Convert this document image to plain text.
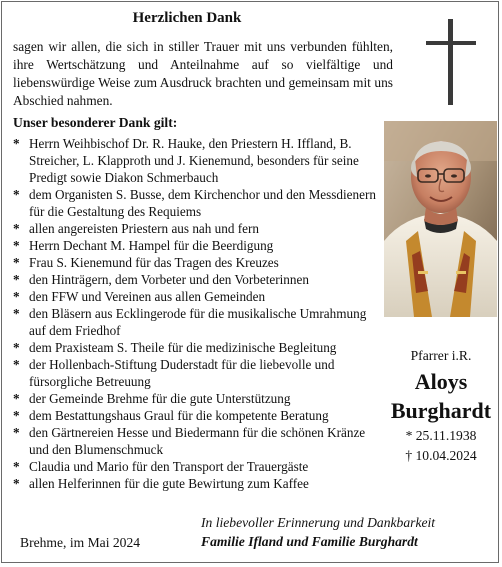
Herzlichen Dank
sagen wir allen, die sich in stiller Trauer mit uns verbunden fühlten, ihre Wertschätzung und Anteilnahme auf so vielfältige und liebenswürdige Weise zum Ausdruck brachten und gemeinsam mit uns Abschied nahmen.
Unser besonderer Dank gilt:
* Herrn Weihbischof Dr. R. Hauke, den Priestern H. Iffland, B. Streicher, L. Klapproth und J. Kienemund, besonders für seine Predigt sowie Diakon Schmerbauch
* dem Organisten S. Busse, dem Kirchenchor und den Messdienern für die Gestaltung des Requiems
* allen angereisten Priestern aus nah und fern
* Herrn Dechant M. Hampel für die Beerdigung
* Frau S. Kienemund für das Tragen des Kreuzes
* den Hinträgern, dem Vorbeter und den Vorbeterinnen
* den FFW und Vereinen aus allen Gemeinden
* den Bläsern aus Ecklingerode für die musikalische Umrahmung auf dem Friedhof
* dem Praxisteam S. Theile für die medizinische Begleitung
* der Hollenbach-Stiftung Duderstadt für die liebevolle und fürsorgliche Betreuung
* der Gemeinde Brehme für die gute Unterstützung
* dem Bestattungshaus Graul für die kompetente Beratung
* den Gärtnereien Hesse und Biedermann für die schönen Kränze und den Blumenschmuck
* Claudia und Mario für den Transport der Trauergäste
* allen Helferinnen für die gute Bewirtung zum Kaffee
Pfarrer i.R.
Aloys
Burghardt
* 25.11.1938
† 10.04.2024
Brehme, im Mai 2024
In liebevoller Erinnerung und Dankbarkeit
Familie Ifland und Familie Burghardt
